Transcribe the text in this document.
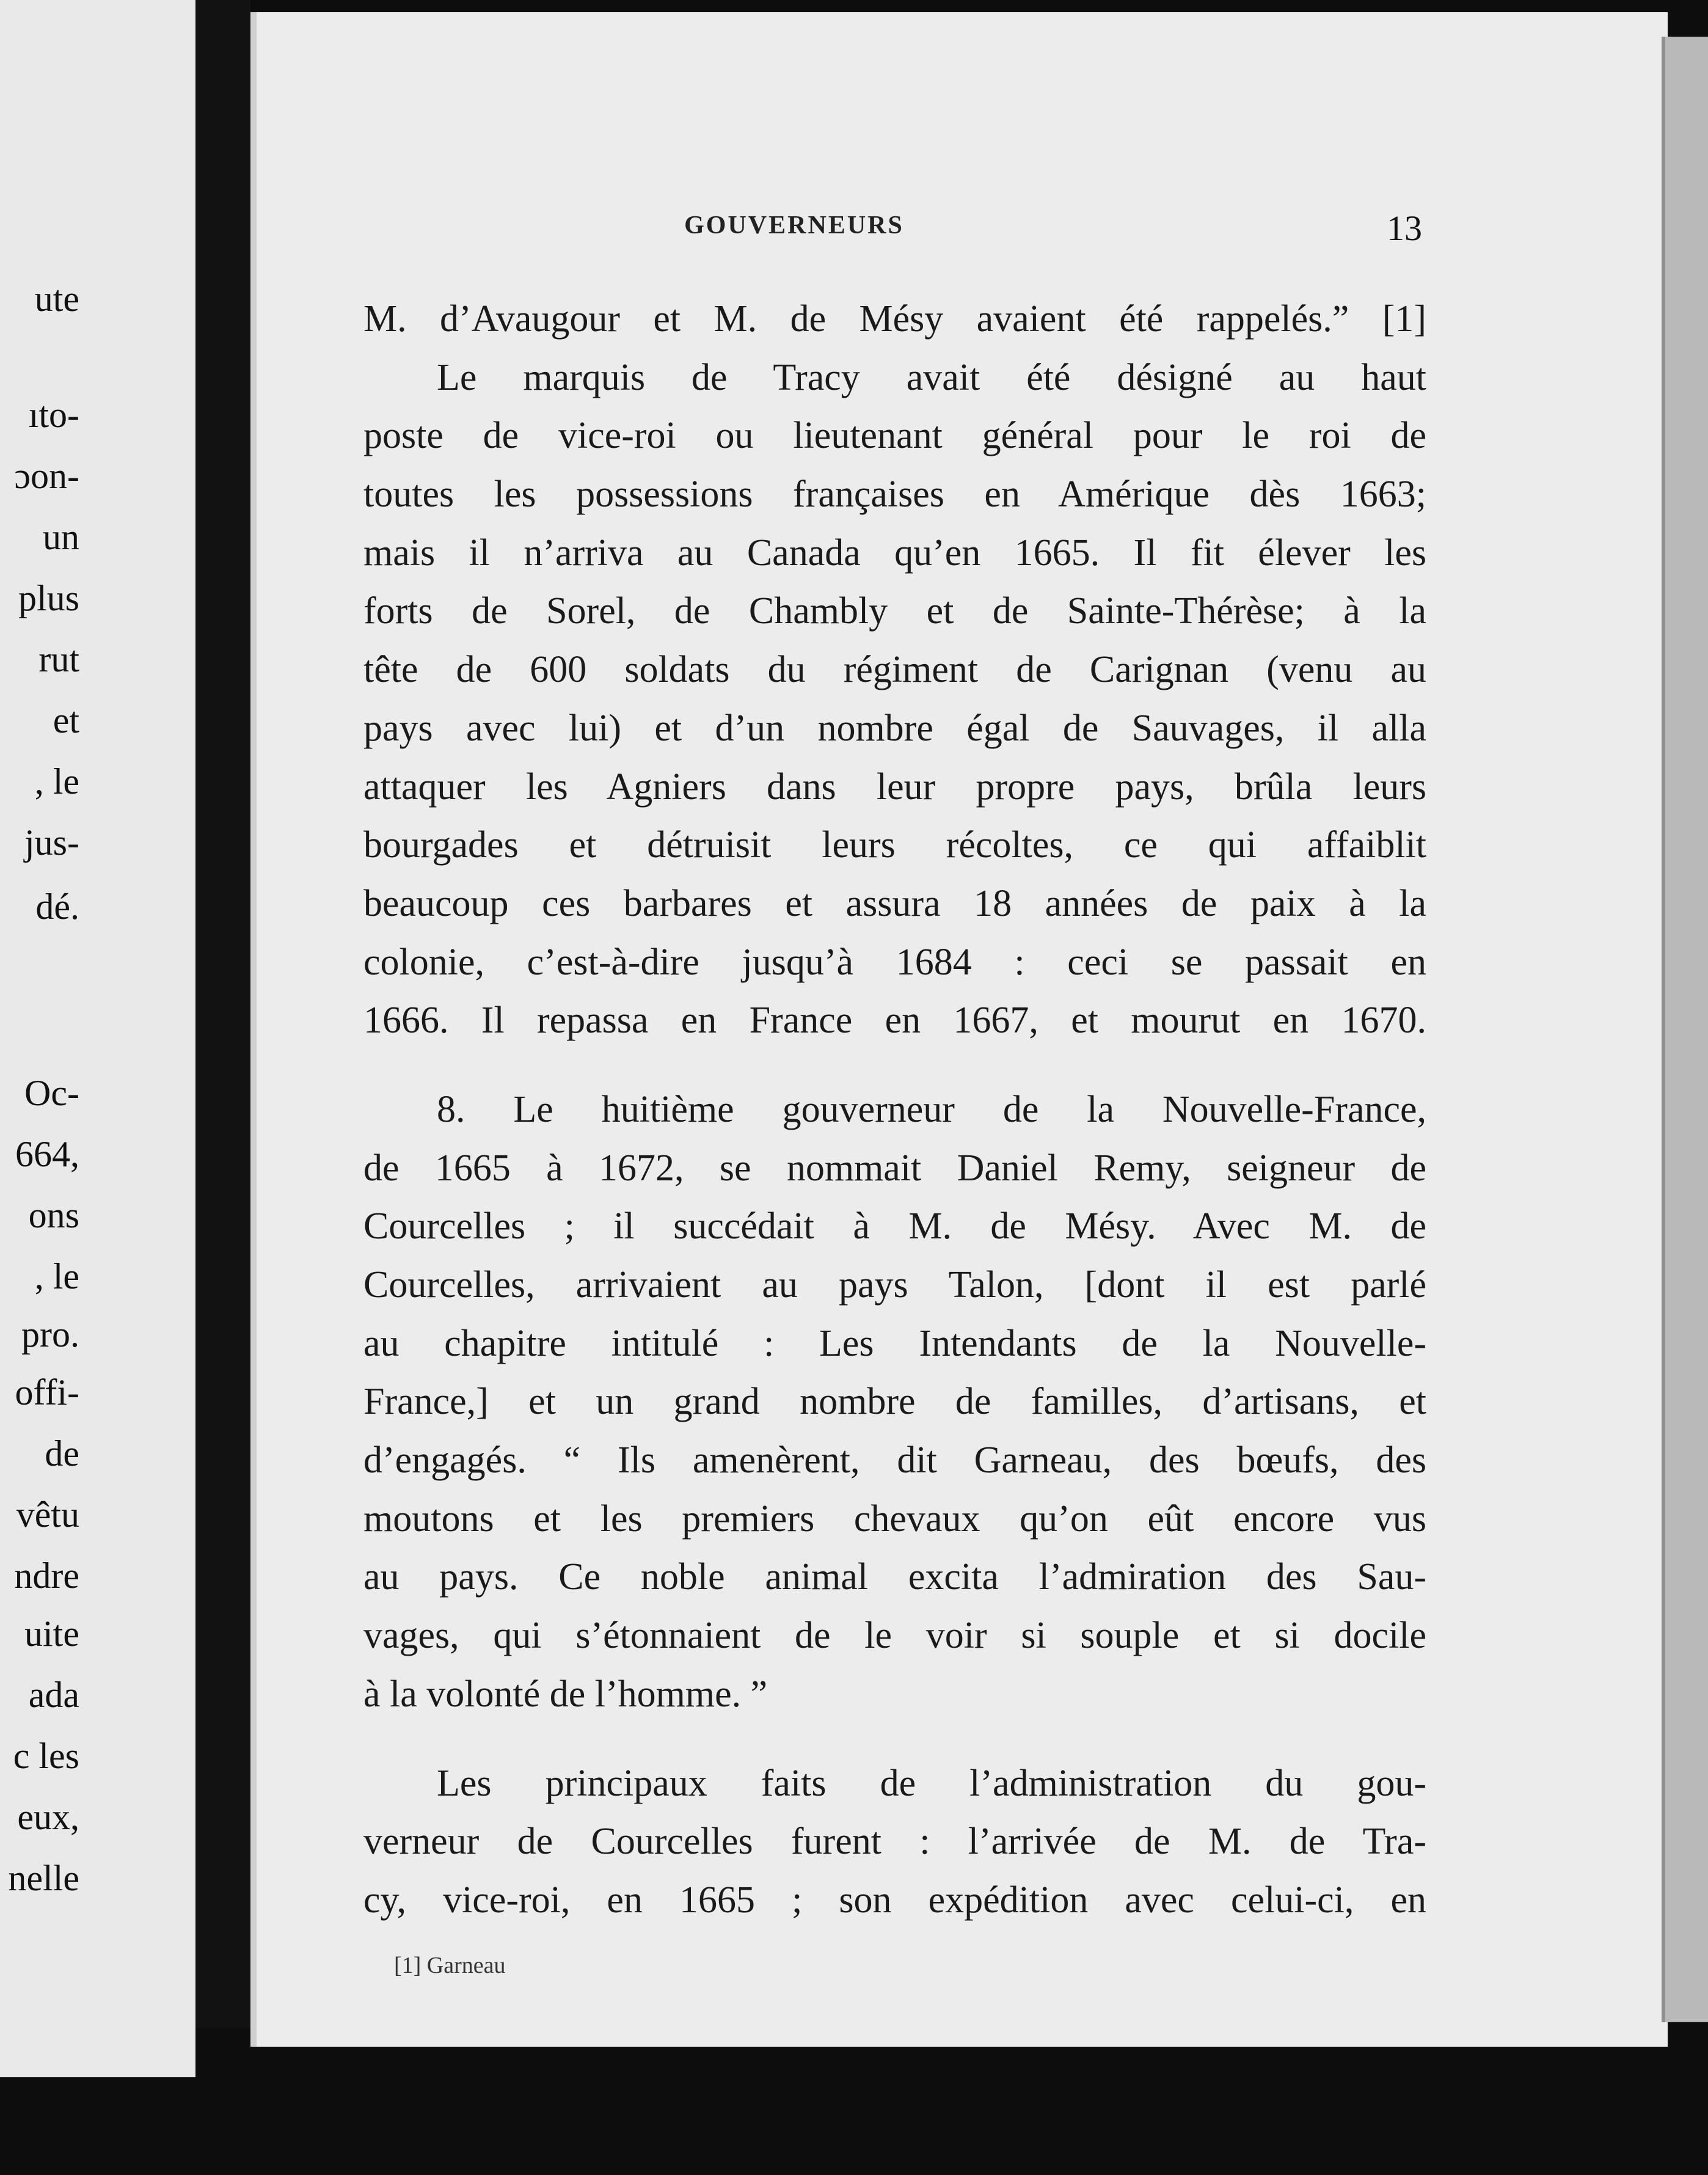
ute
ıto-
ɔon-
un
plus
rut
et
, le
jus-
dé.
Oc-
664,
ons
, le
pro.
offi-
de
vêtu
ndre
uite
ada
c les
eux,
nelle
GOUVERNEURS	13
M. d’Avaugour et M. de Mésy avaient été rappelés.” [1]
Le marquis de Tracy avait été désigné au haut
poste de vice-roi ou lieutenant général pour le roi de
toutes les possessions françaises en Amérique dès 1663;
mais il n’arriva au Canada qu’en 1665. Il fit élever les
forts de Sorel, de Chambly et de Sainte-Thérèse; à la
tête de 600 soldats du régiment de Carignan (venu au
pays avec lui) et d’un nombre égal de Sauvages, il alla
attaquer les Agniers dans leur propre pays, brûla leurs
bourgades et détruisit leurs récoltes, ce qui affaiblit
beaucoup ces barbares et assura 18 années de paix à la
colonie, c’est-à-dire jusqu’à 1684 : ceci se passait en
1666. Il repassa en France en 1667, et mourut en 1670.
8. Le huitième gouverneur de la Nouvelle-France,
de 1665 à 1672, se nommait Daniel Remy, seigneur de
Courcelles ; il succédait à M. de Mésy. Avec M. de
Courcelles, arrivaient au pays Talon, [dont il est parlé
au chapitre intitulé : Les Intendants de la Nouvelle-
France,] et un grand nombre de familles, d’artisans, et
d’engagés. “ Ils amenèrent, dit Garneau, des bœufs, des
moutons et les premiers chevaux qu’on eût encore vus
au pays. Ce noble animal excita l’admiration des Sau-
vages, qui s’étonnaient de le voir si souple et si docile
à la volonté de l’homme. ”
Les principaux faits de l’administration du gou-
verneur de Courcelles furent : l’arrivée de M. de Tra-
cy, vice-roi, en 1665 ; son expédition avec celui-ci, en
[1] Garneau
